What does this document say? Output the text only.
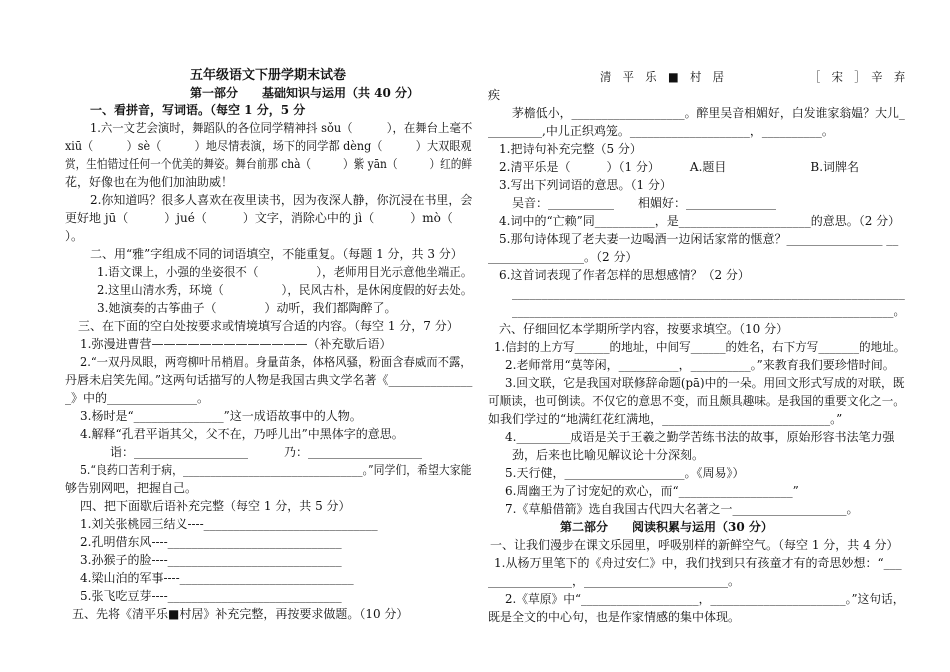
五年级语文下册学期末试卷
第一部分　　基础知识与运用（共 40 分）
一、看拼音，写词语。（每空 1 分，5 分
1.六一文艺会演时，舞蹈队的各位同学精神抖 sǒu（　　　），在舞台上毫不
xiū（　　　）sè（　　　）地尽情表演，场下的同学都 dèng（　　　）大双眼观
赏，生怕错过任何一个优美的舞姿。舞台前那 chà（　　　）紫 yān（　　　）红的鲜
花，好像也在为他们加油助威！
2.你知道吗？很多人喜欢在夜里读书，因为夜深人静，你沉浸在书里，会
更好地 jū（　　　）jué（　　　）文字，消除心中的 jì（　　　）mò（
）。
二、用“雅”字组成不同的词语填空，不能重复。（每题 1 分，共 3 分）
1.语文课上，小强的坐姿很不（　　　　　），老师用目光示意他坐端正。
2.这里山清水秀，环境（　　　　　），民风古朴，是休闲度假的好去处。
3.她演奏的古筝曲子（　　　　）动听，我们都陶醉了。
三、在下面的空白处按要求或情境填写合适的内容。（每空 1 分，7 分）
1.弥漫进曹营—————————————（补充歇后语）
2.“一双丹凤眼，两弯柳叶吊梢眉。身量苗条，体格风骚，粉面含春威而不露，
丹唇未启笑先闻。”这两句话描写的人物是我国古典文学名著《______________
_》中的_______________。
3.杨时是“_______________”这一成语故事中的人物。
4.解释“孔君平诣其父，父不在，乃呼儿出”中黑体字的意思。
诣：___________________　　　乃：___________________
5.“良药口苦利于病，_________________________________。”同学们，希望大家能
够告别网吧，把握自己。
四、把下面歇后语补充完整（每空 1 分，共 5 分）
1.刘关张桃园三结义----_____________________________
2.孔明借东风----_____________________________
3.孙猴子的脸----_____________________________
4.梁山泊的军事----_____________________________
5.张飞吃豆芽----_____________________________
五、先将《清平乐■村居》补充完整，再按要求做题。（10 分）
清　平　乐　■　村　居　　　　　　　　［　宋　］　辛　弃
疾
茅檐低小，___________________。醉里吴音相媚好，白发谁家翁媪？大儿_
_________,中儿正织鸡笼。____________________，__________。
1.把诗句补充完整（5 分）
2.清平乐是（　　　）（1 分）　　　A.题目　　　　　　　B.词牌名
3.写出下列词语的意思。（1 分）
吴音：___________　　相媚好：_______________
4.词中的“亡赖”同__________，是______________________的意思。（2 分）
5.那句诗体现了老夫妻一边喝酒一边闲话家常的惬意？________________ __
________________。（2 分）
6.这首词表现了作者怎样的思想感情？（2 分）
__________________________________________________________________
___________________________________________________________________。
六、仔细回忆本学期所学内容，按要求填空。（10 分）
1.信封的上方写______的地址，中间写______的姓名，右下方写_______的地址。
2.老师常用“莫等闲，__________，__________。”来教育我们要珍惜时间。
3.回文联，它是我国对联修辞命题(pā)中的一朵。用回文形式写成的对联，既
可顺读，也可倒读。不仅它的意思不变，而且颇具趣味。是我国的重要文化之一。
如我们学过的“地满红花红满地，____________________________。”
4._________成语是关于王羲之勤学苦练书法的故事，原始形容书法笔力强
劲，后来也比喻见解议论十分深刻。
5.天行健，____________________。《周易》）
6.周幽王为了讨宠妃的欢心，而“___________________”
7.《草船借箭》选自我国古代四大名著之一___________________。
第二部分　　阅读积累与运用（30 分）
一、让我们漫步在课文乐园里，呼吸别样的新鲜空气。（每空 1 分，共 4 分）
1.从杨万里笔下的《舟过安仁》中，我们找到只有孩童才有的奇思妙想：“___
______________，________________________。
2.《草原》中“____________________，_______________________。”这句话，
既是全文的中心句，也是作家情感的集中体现。
